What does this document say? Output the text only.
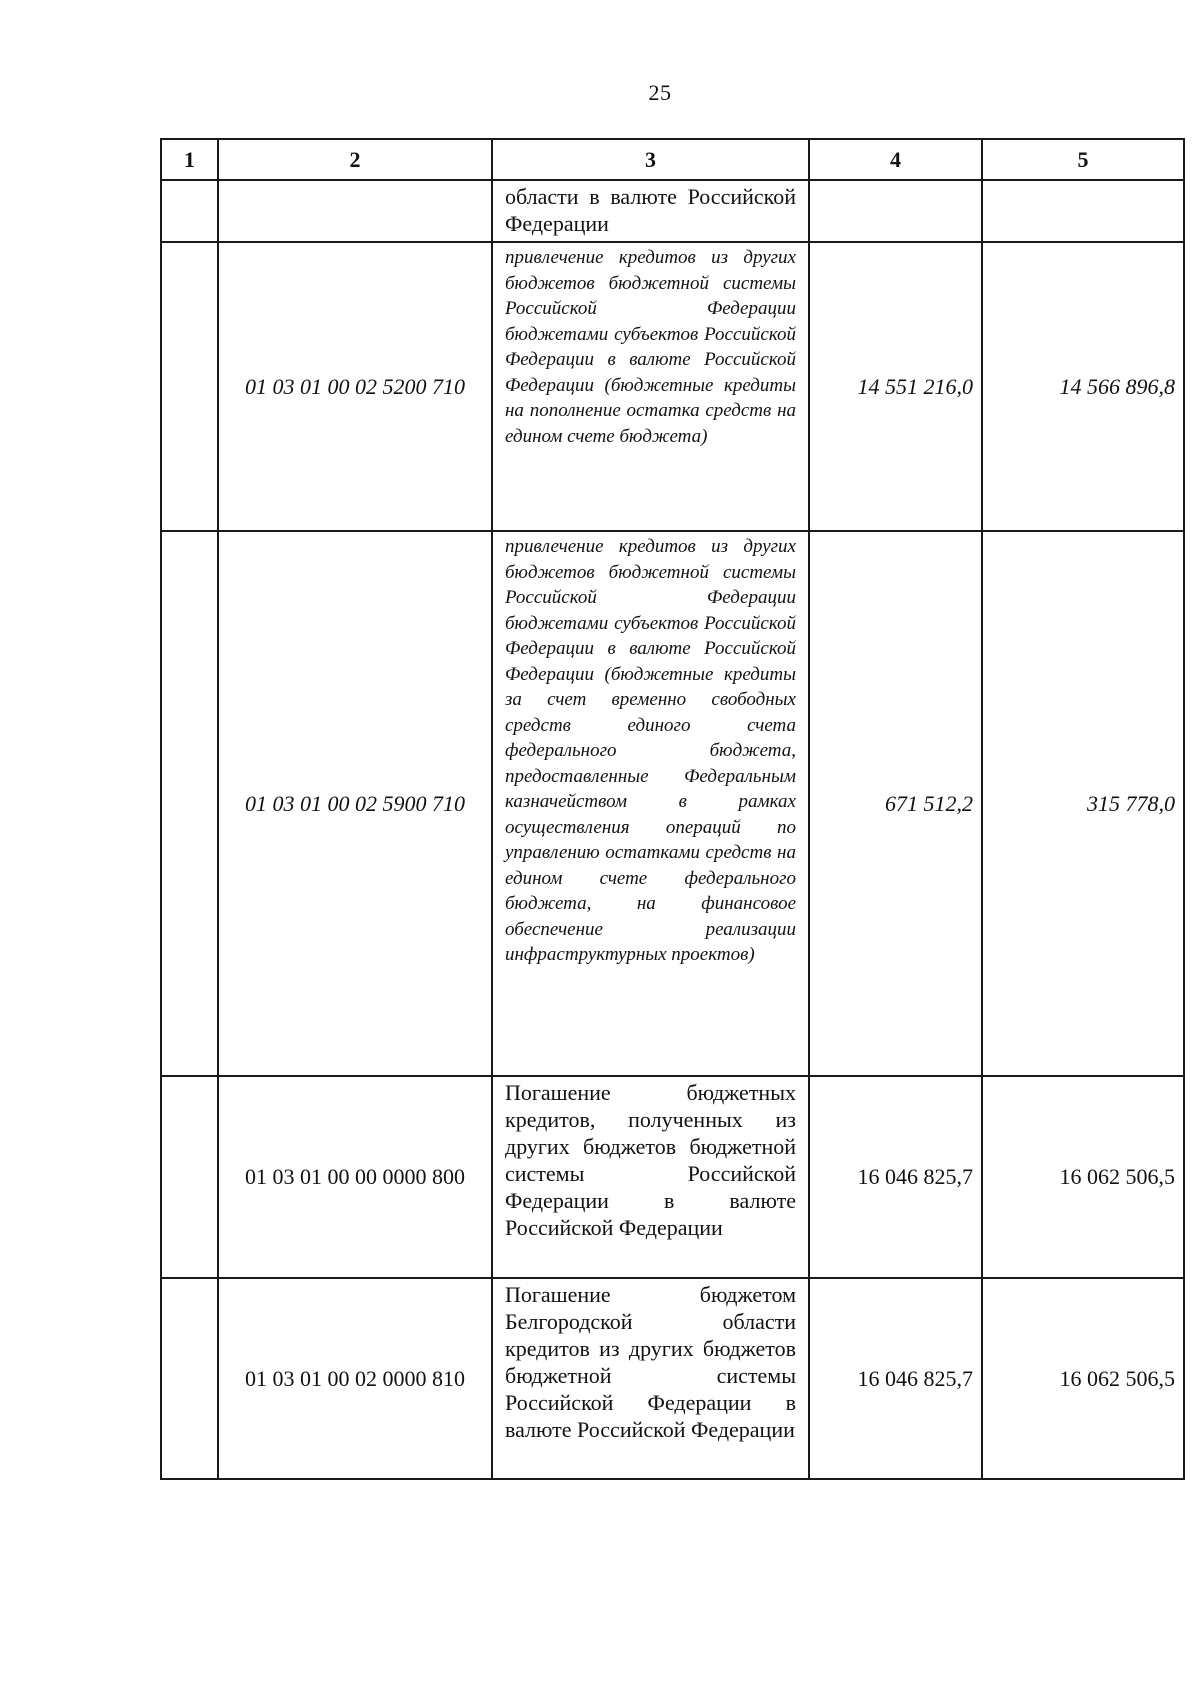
25
1	2	3	4	5
		области в валюте Российской Федерации		
	01 03 01 00 02 5200 710	привлечение кредитов из других бюджетов бюджетной системы Российской Федерации бюджетами субъектов Российской Федерации в валюте Российской Федерации (бюджетные кредиты на пополнение остатка средств на едином счете бюджета)	14 551 216,0	14 566 896,8
	01 03 01 00 02 5900 710	привлечение кредитов из других бюджетов бюджетной системы Российской Федерации бюджетами субъектов Российской Федерации в валюте Российской Федерации (бюджетные кредиты за счет временно свободных средств единого счета федерального бюджета, предоставленные Федеральным казначейством в рамках осуществления операций по управлению остатками средств на едином счете федерального бюджета, на финансовое обеспечение реализации инфраструктурных проектов)	671 512,2	315 778,0
	01 03 01 00 00 0000 800	Погашение бюджетных кредитов, полученных из других бюджетов бюджетной системы Российской Федерации в валюте Российской Федерации	16 046 825,7	16 062 506,5
	01 03 01 00 02 0000 810	Погашение бюджетом Белгородской области кредитов из других бюджетов бюджетной системы Российской Федерации в валюте Российской Федерации	16 046 825,7	16 062 506,5
